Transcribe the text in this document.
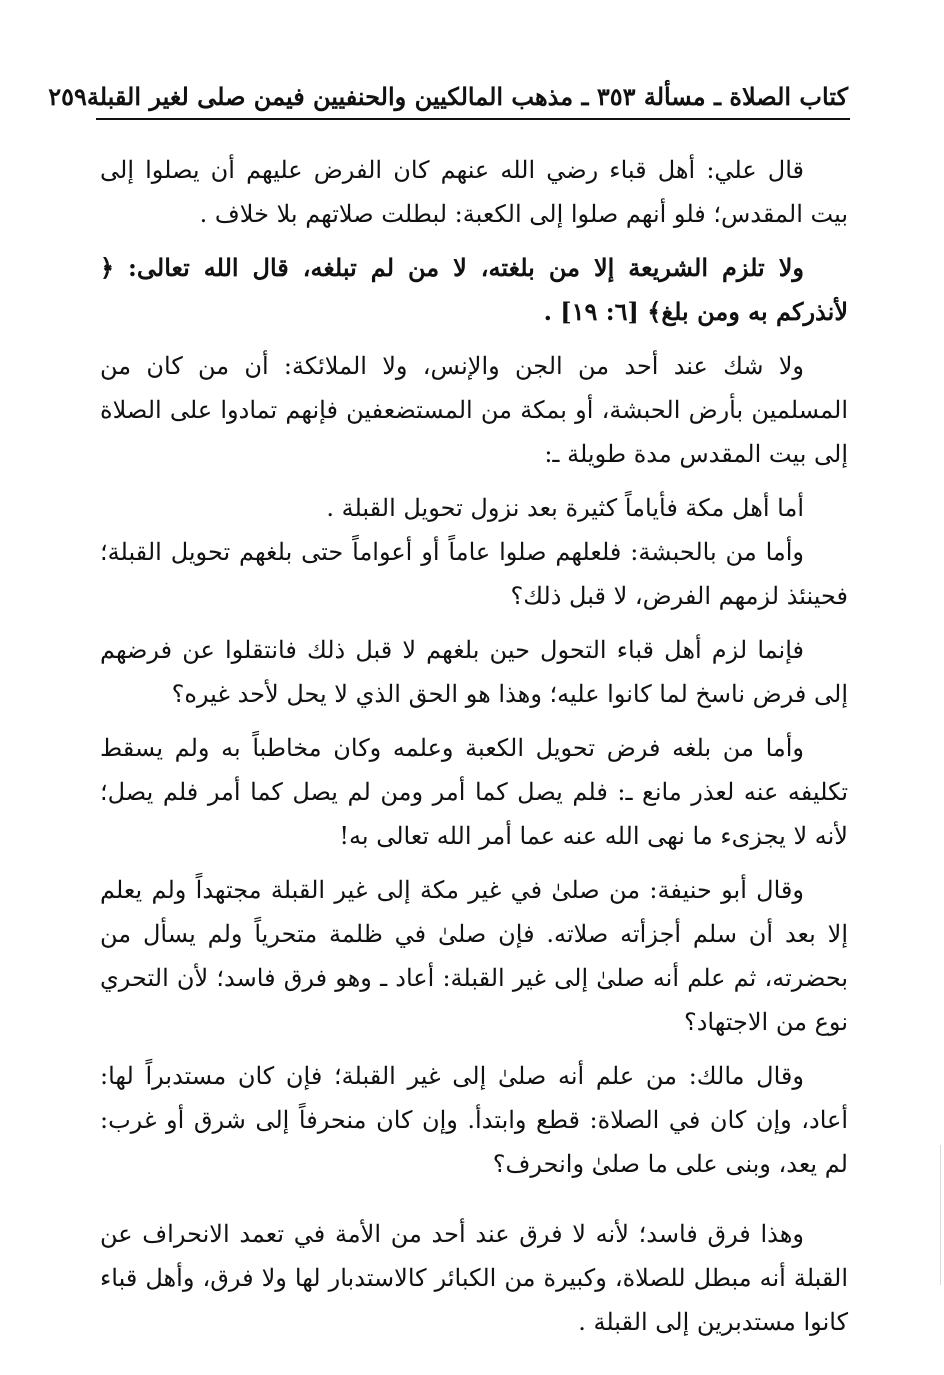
كتاب الصلاة ـ مسألة ٣٥٣ ـ مذهب المالكيين والحنفيين فيمن صلى لغير القبلة
٢٥٩

قال علي: أهل قباء رضي الله عنهم كان الفرض عليهم أن يصلوا إلى بيت المقدس؛ فلو أنهم صلوا إلى الكعبة: لبطلت صلاتهم بلا خلاف .

ولا تلزم الشريعة إلا من بلغته، لا من لم تبلغه، قال الله تعالى: ﴿ لأنذركم به ومن بلغ﴾ [٦: ١٩] .

ولا شك عند أحد من الجن والإنس، ولا الملائكة: أن من كان من المسلمين بأرض الحبشة، أو بمكة من المستضعفين فإنهم تمادوا على الصلاة إلى بيت المقدس مدة طويلة ـ:

أما أهل مكة فأياماً كثيرة بعد نزول تحويل القبلة .

وأما من بالحبشة: فلعلهم صلوا عاماً أو أعواماً حتى بلغهم تحويل القبلة؛ فحينئذ لزمهم الفرض، لا قبل ذلك؟

فإنما لزم أهل قباء التحول حين بلغهم لا قبل ذلك فانتقلوا عن فرضهم إلى فرض ناسخ لما كانوا عليه؛ وهذا هو الحق الذي لا يحل لأحد غيره؟

وأما من بلغه فرض تحويل الكعبة وعلمه وكان مخاطباً به ولم يسقط تكليفه عنه لعذر مانع ـ: فلم يصل كما أمر ومن لم يصل كما أمر فلم يصل؛ لأنه لا يجزىء ما نهى الله عنه عما أمر الله تعالى به!

وقال أبو حنيفة: من صلىٰ في غير مكة إلى غير القبلة مجتهداً ولم يعلم إلا بعد أن سلم أجزأته صلاته. فإن صلىٰ في ظلمة متحرياً ولم يسأل من بحضرته، ثم علم أنه صلىٰ إلى غير القبلة: أعاد ـ وهو فرق فاسد؛ لأن التحري نوع من الاجتهاد؟

وقال مالك: من علم أنه صلىٰ إلى غير القبلة؛ فإن كان مستدبراً لها: أعاد، وإن كان في الصلاة: قطع وابتدأ. وإن كان منحرفاً إلى شرق أو غرب: لم يعد، وبنى على ما صلىٰ وانحرف؟

وهذا فرق فاسد؛ لأنه لا فرق عند أحد من الأمة في تعمد الانحراف عن القبلة أنه مبطل للصلاة، وكبيرة من الكبائر كالاستدبار لها ولا فرق، وأهل قباء كانوا مستدبرين إلى القبلة .
